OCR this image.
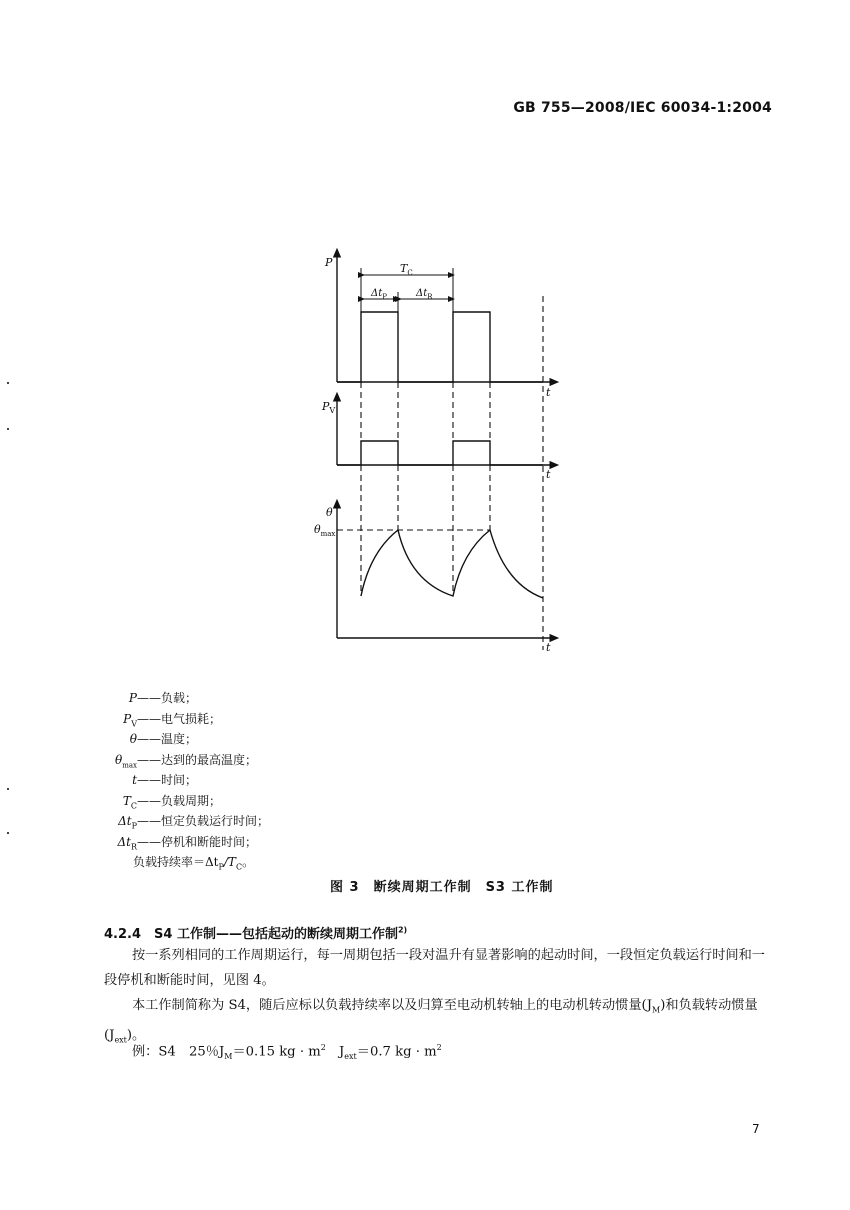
GB 755—2008/IEC 60034-1:2004
P
$P_V$
θ
$\theta_{max}$
t
t
t
$T_C$
$\Delta t_P$	$\Delta t_R$
P——负载；
$P_V——$电气损耗；
θ——温度；
$\theta_{max}——$达到的最高温度；
t——时间；
$T_C——$负载周期；
$\Delta t_P——$恒定负载运行时间；
$\Delta t_R——$停机和断能时间；
负载持续率$=\Delta t_P/T_C$。
图 3　断续周期工作制　S3 工作制
4.2.4　S4 工作制——包括起动的断续周期工作制$^{2)}$
按一系列相同的工作周期运行，每一周期包括一段对温升有显著影响的起动时间，一段恒定负载运行时间和一段停机和断能时间，见图 4。
本工作制简称为 S4，随后应标以负载持续率以及归算至电动机转轴上的电动机转动惯量$(J_M)$和负载转动惯量$(J_{ext})$。
例：S4　25％$J_M=0.15$ kg · $m^2$　$J_{ext}=0.7$ kg · $m^2$
7
